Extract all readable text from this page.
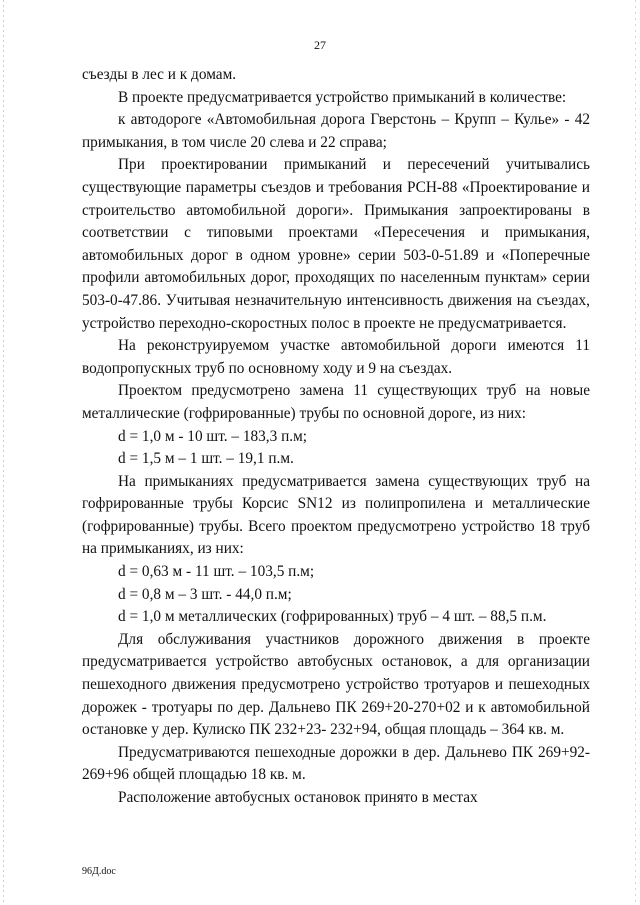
27

съезды в лес и к домам.

В проекте предусматривается устройство примыканий в количестве:

к автодороге «Автомобильная дорога Гверстонь – Крупп – Кулье» - 42 примыкания, в том числе 20 слева и 22 справа;

При проектировании примыканий и пересечений учитывались существующие параметры съездов и требования РСН-88 «Проектирование и строительство автомобильной дороги». Примыкания запроектированы в соответствии с типовыми проектами «Пересечения и примыкания, автомобильных дорог в одном уровне» серии 503-0-51.89 и «Поперечные профили автомобильных дорог, проходящих по населенным пунктам» серии 503-0-47.86. Учитывая незначительную интенсивность движения на съездах, устройство переходно-скоростных полос в проекте не предусматривается.

На реконструируемом участке автомобильной дороги имеются 11 водопропускных труб по основному ходу и 9 на съездах.

Проектом предусмотрено замена 11 существующих труб на новые металлические (гофрированные) трубы по основной дороге, из них:

d = 1,0 м - 10 шт. – 183,3 п.м;

d = 1,5 м – 1 шт. – 19,1 п.м.

На примыканиях предусматривается замена существующих труб на гофрированные трубы Корсис SN12 из полипропилена и металлические (гофрированные) трубы. Всего проектом предусмотрено устройство 18 труб на примыканиях, из них:

d = 0,63 м - 11 шт. – 103,5 п.м;

d = 0,8 м – 3 шт. - 44,0 п.м;

d = 1,0 м металлических (гофрированных) труб – 4 шт. – 88,5 п.м.

Для обслуживания участников дорожного движения в проекте предусматривается устройство автобусных остановок, а для организации пешеходного движения предусмотрено устройство тротуаров и пешеходных дорожек - тротуары по дер. Дальнево ПК 269+20-270+02 и к автомобильной остановке у дер. Кулиско ПК 232+23- 232+94, общая площадь – 364 кв. м.

Предусматриваются пешеходные дорожки в дер. Дальнево ПК 269+92-269+96 общей площадью 18 кв. м.

Расположение автобусных остановок принято в местах

96Д.doc
